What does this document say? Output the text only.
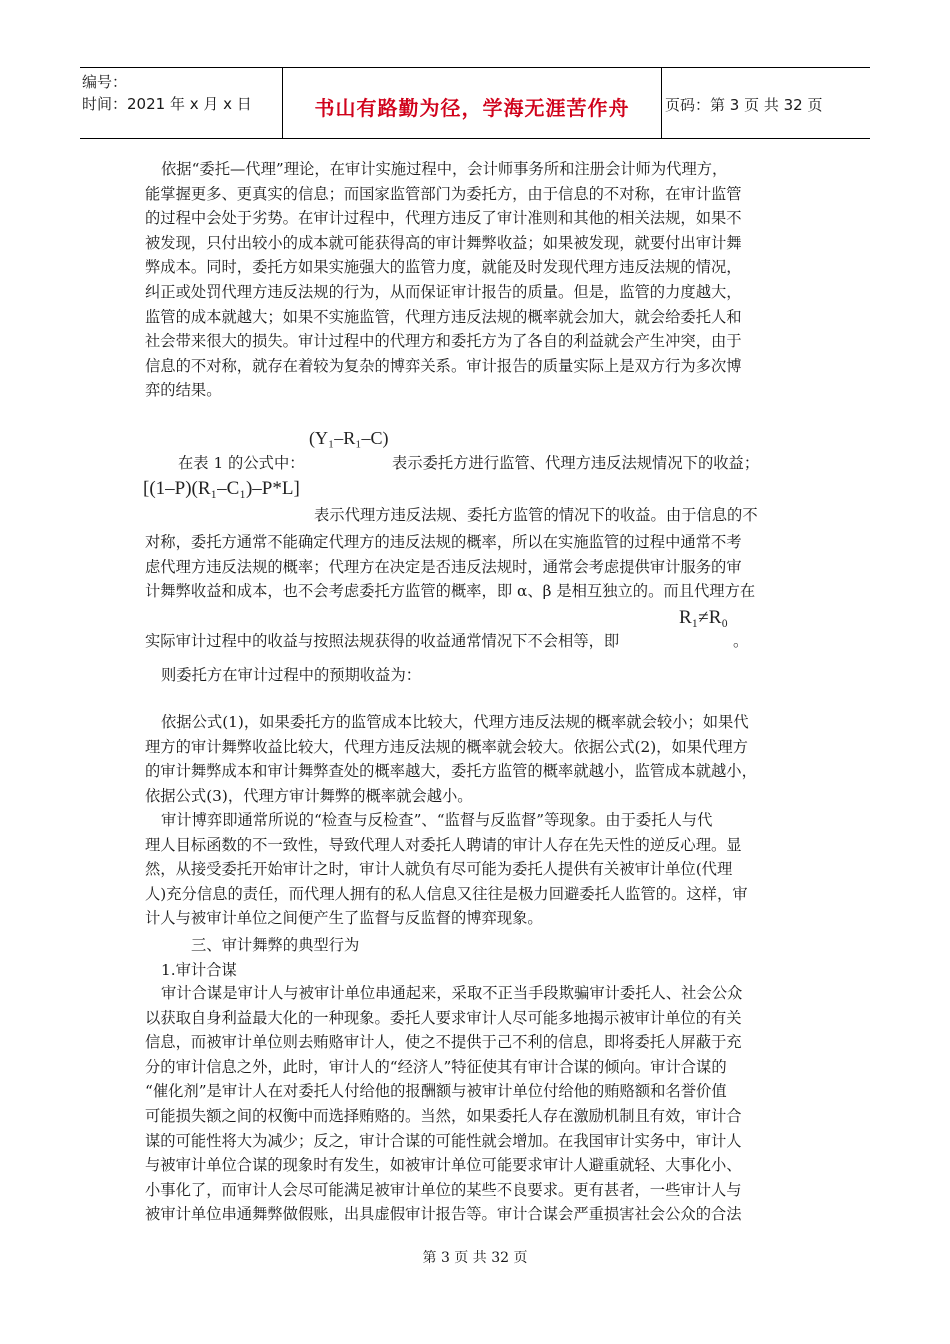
编号：
时间：2021 年 x 月 x 日	书山有路勤为径，学海无涯苦作舟	页码：第 3 页 共 32 页

依据“委托—代理”理论，在审计实施过程中，会计师事务所和注册会计师为代理方，
能掌握更多、更真实的信息；而国家监管部门为委托方，由于信息的不对称，在审计监管
的过程中会处于劣势。在审计过程中，代理方违反了审计准则和其他的相关法规，如果不
被发现，只付出较小的成本就可能获得高的审计舞弊收益；如果被发现，就要付出审计舞
弊成本。同时，委托方如果实施强大的监管力度，就能及时发现代理方违反法规的情况，
纠正或处罚代理方违反法规的行为，从而保证审计报告的质量。但是，监管的力度越大，
监管的成本就越大；如果不实施监管，代理方违反法规的概率就会加大，就会给委托人和
社会带来很大的损失。审计过程中的代理方和委托方为了各自的利益就会产生冲突，由于
信息的不对称，就存在着较为复杂的博弈关系。审计报告的质量实际上是双方行为多次博
弈的结果。

在表 1 的公式中：
(Y₁–R₁–C)
表示委托方进行监管、代理方违反法规情况下的收益；
[(1–P)(R₁–C₁)–P*L]
表示代理方违反法规、委托方监管的情况下的收益。由于信息的不

对称，委托方通常不能确定代理方的违反法规的概率，所以在实施监管的过程中通常不考
虑代理方违反法规的概率；代理方在决定是否违反法规时，通常会考虑提供审计服务的审
计舞弊收益和成本，也不会考虑委托方监管的概率，即 α、β 是相互独立的。而且代理方在

实际审计过程中的收益与按照法规获得的收益通常情况下不会相等，即
R₁≠R₀
。
则委托方在审计过程中的预期收益为：

依据公式(1)，如果委托方的监管成本比较大，代理方违反法规的概率就会较小；如果代
理方的审计舞弊收益比较大，代理方违反法规的概率就会较大。依据公式(2)，如果代理方
的审计舞弊成本和审计舞弊查处的概率越大，委托方监管的概率就越小，监管成本就越小，
依据公式(3)，代理方审计舞弊的概率就会越小。

审计博弈即通常所说的“检查与反检查”、“监督与反监督”等现象。由于委托人与代
理人目标函数的不一致性，导致代理人对委托人聘请的审计人存在先天性的逆反心理。显
然，从接受委托开始审计之时，审计人就负有尽可能为委托人提供有关被审计单位(代理
人)充分信息的责任，而代理人拥有的私人信息又往往是极力回避委托人监管的。这样，审
计人与被审计单位之间便产生了监督与反监督的博弈现象。

三、审计舞弊的典型行为
1.审计合谋

审计合谋是审计人与被审计单位串通起来，采取不正当手段欺骗审计委托人、社会公众
以获取自身利益最大化的一种现象。委托人要求审计人尽可能多地揭示被审计单位的有关
信息，而被审计单位则去贿赂审计人，使之不提供于己不利的信息，即将委托人屏蔽于充
分的审计信息之外，此时，审计人的“经济人”特征使其有审计合谋的倾向。审计合谋的
“催化剂”是审计人在对委托人付给他的报酬额与被审计单位付给他的贿赂额和名誉价值
可能损失额之间的权衡中而选择贿赂的。当然，如果委托人存在激励机制且有效，审计合
谋的可能性将大为减少；反之，审计合谋的可能性就会增加。在我国审计实务中，审计人
与被审计单位合谋的现象时有发生，如被审计单位可能要求审计人避重就轻、大事化小、
小事化了，而审计人会尽可能满足被审计单位的某些不良要求。更有甚者，一些审计人与
被审计单位串通舞弊做假账，出具虚假审计报告等。审计合谋会严重损害社会公众的合法

第 3 页 共 32 页
